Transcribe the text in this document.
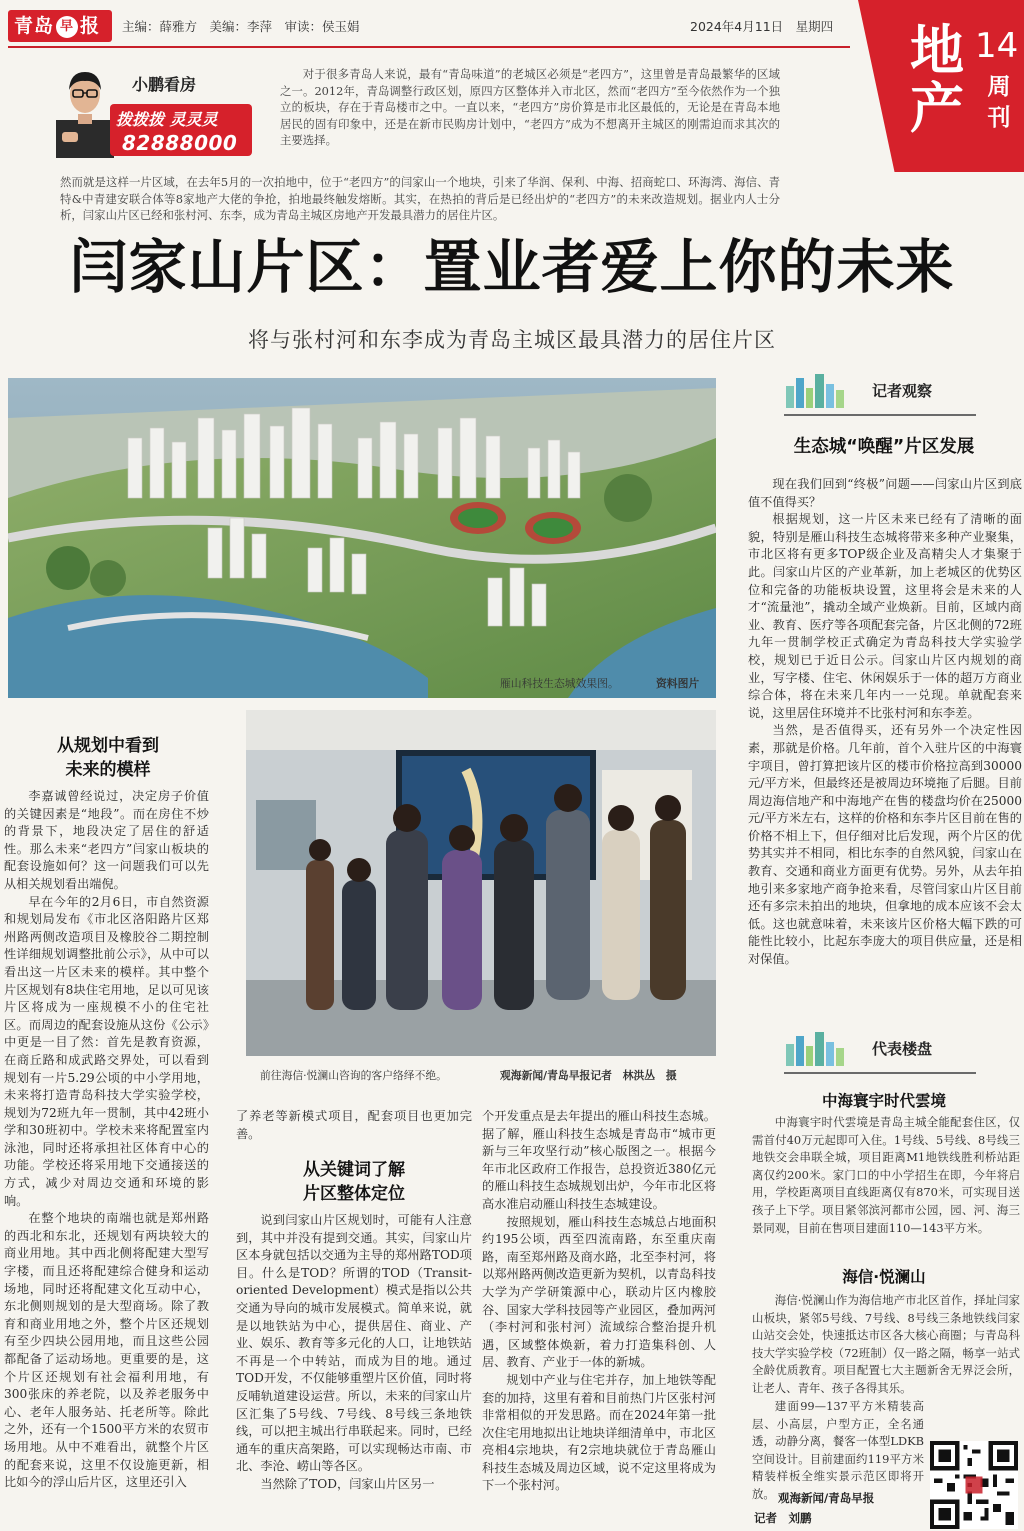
青岛 早 报	主编：薛雅方　美编：李萍　审读：侯玉娟	2024年4月11日　星期四 地产
14
周刊
小鹏看房
拨拨拨 灵灵灵
82888000

对于很多青岛人来说，最有“青岛味道”的老城区必须是“老四方”，这里曾是青岛最繁华的区域之一。2012年，青岛调整行政区划，原四方区整体并入市北区，然而“老四方”至今依然作为一个独立的板块，存在于青岛楼市之中。一直以来，“老四方”房价算是市北区最低的，无论是在青岛本地居民的固有印象中，还是在新市民购房计划中，“老四方”成为不想离开主城区的刚需迫而求其次的主要选择。

然而就是这样一片区域，在去年5月的一次拍地中，位于“老四方”的闫家山一个地块，引来了华润、保利、中海、招商蛇口、环海湾、海信、青特&中青建安联合体等8家地产大佬的争抢，拍地最终触发熔断。其实，在热拍的背后是已经出炉的“老四方”的未来改造规划。据业内人士分析，闫家山片区已经和张村河、东李，成为青岛主城区房地产开发最具潜力的居住片区。

闫家山片区：置业者爱上你的未来
将与张村河和东李成为青岛主城区最具潜力的居住片区
雁山科技生态城效果图。	资料图片
前往海信·悦澜山咨询的客户络绎不绝。	观海新闻/青岛早报记者　林洪丛　摄
从规划中看到
未来的模样

李嘉诚曾经说过，决定房子价值的关键因素是“地段”。而在房住不炒的背景下，地段决定了居住的舒适性。那么未来“老四方”闫家山板块的配套设施如何？这一问题我们可以先从相关规划看出端倪。

早在今年的2月6日，市自然资源和规划局发布《市北区洛阳路片区郑州路两侧改造项目及橡胶谷二期控制性详细规划调整批前公示》，从中可以看出这一片区未来的模样。其中整个片区规划有8块住宅用地，足以可见该片区将成为一座规模不小的住宅社区。而周边的配套设施从这份《公示》中更是一目了然：首先是教育资源，在商丘路和成武路交界处，可以看到规划有一片5.29公顷的中小学用地，未来将打造青岛科技大学实验学校，规划为72班九年一贯制，其中42班小学和30班初中。学校未来将配置室内泳池，同时还将承担社区体育中心的功能。学校还将采用地下交通接送的方式，减少对周边交通和环境的影响。

在整个地块的南端也就是郑州路的西北和东北，还规划有两块较大的商业用地。其中西北侧将配建大型写字楼，而且还将配建综合健身和运动场地，同时还将配建文化互动中心，东北侧则规划的是大型商场。除了教育和商业用地之外，整个片区还规划有至少四块公园用地，而且这些公园都配备了运动场地。更重要的是，这个片区还规划有社会福利用地，有300张床的养老院，以及养老服务中心、老年人服务站、托老所等。除此之外，还有一个1500平方米的农贸市场用地。从中不难看出，就整个片区的配套来说，这里不仅设施更新，相比如今的浮山后片区，这里还引入

了养老等新模式项目，配套项目也更加完善。

从关键词了解
片区整体定位

说到闫家山片区规划时，可能有人注意到，其中并没有提到交通。其实，闫家山片区本身就包括以交通为主导的郑州路TOD项目。什么是TOD？所谓的TOD（Transit-oriented Development）模式是指以公共交通为导向的城市发展模式。简单来说，就是以地铁站为中心，提供居住、商业、产业、娱乐、教育等多元化的人口，让地铁站不再是一个中转站，而成为目的地。通过TOD开发，不仅能够重塑片区价值，同时将反哺轨道建设运营。所以，未来的闫家山片区汇集了5号线、7号线、8号线三条地铁线，可以把主城出行串联起来。同时，已经通车的重庆高架路，可以实现畅达市南、市北、李沧、崂山等各区。

当然除了TOD，闫家山片区另一

个开发重点是去年提出的雁山科技生态城。据了解，雁山科技生态城是青岛市“城市更新与三年攻坚行动”核心版图之一。根据今年市北区政府工作报告，总投资近380亿元的雁山科技生态城规划出炉，今年市北区将高水准启动雁山科技生态城建设。

按照规划，雁山科技生态城总占地面积约195公顷，西至四流南路，东至重庆南路，南至郑州路及商水路，北至李村河，将以郑州路两侧改造更新为契机，以青岛科技大学为产学研策源中心，联动片区内橡胶谷、国家大学科技园等产业园区，叠加两河（李村河和张村河）流域综合整治提升机遇，区域整体焕新，着力打造集科创、人居、教育、产业于一体的新城。

规划中产业与住宅并存，加上地铁等配套的加持，这里有着和目前热门片区张村河非常相似的开发思路。而在2024年第一批次住宅用地拟出让地块详细清单中，市北区亮相4宗地块，有2宗地块就位于青岛雁山科技生态城及周边区域，说不定这里将成为下一个张村河。

记者观察
生态城“唤醒”片区发展

现在我们回到“终极”问题——闫家山片区到底值不值得买？

根据规划，这一片区未来已经有了清晰的面貌，特别是雁山科技生态城将带来多种产业聚集，市北区将有更多TOP级企业及高精尖人才集聚于此。闫家山片区的产业革新，加上老城区的优势区位和完备的功能板块设置，这里将会是未来的人才“流量池”，撬动全域产业焕新。目前，区域内商业、教育、医疗等各项配套完备，片区北侧的72班九年一贯制学校正式确定为青岛科技大学实验学校，规划已于近日公示。闫家山片区内规划的商业，写字楼、住宅、休闲娱乐于一体的超万方商业综合体，将在未来几年内一一兑现。单就配套来说，这里居住环境并不比张村河和东李差。

当然，是否值得买，还有另外一个决定性因素，那就是价格。几年前，首个入驻片区的中海寰宇项目，曾打算把该片区的楼市价格拉高到30000元/平方米，但最终还是被周边环境拖了后腿。目前周边海信地产和中海地产在售的楼盘均价在25000元/平方米左右，这样的价格和东李片区目前在售的价格不相上下，但仔细对比后发现，两个片区的优势其实并不相同，相比东李的自然风貌，闫家山在教育、交通和商业方面更有优势。另外，从去年拍地引来多家地产商争抢来看，尽管闫家山片区目前还有多宗未拍出的地块，但拿地的成本应该不会太低。这也就意味着，未来该片区价格大幅下跌的可能性比较小，比起东李庞大的项目供应量，还是相对保值。

代表楼盘
中海寰宇时代雲境
中海寰宇时代雲境是青岛主城全能配套住区，仅需首付40万元起即可入住。1号线、5号线、8号线三地铁交会串联全城，项目距离M1地铁线胜利桥站距离仅约200米。家门口的中小学招生在即，今年将启用，学校距离项目直线距离仅有870米，可实现目送孩子上下学。项目紧邻滨河都市公园，园、河、海三景同观，目前在售项目建面110—143平方米。
海信·悦澜山
海信·悦澜山作为海信地产市北区首作，择址闫家山板块，紧邻5号线、7号线、8号线三条地铁线闫家山站交会处，快速抵达市区各大核心商圈；与青岛科技大学实验学校（72班制）仅一路之隔，畅享一站式全龄优质教育。项目配置七大主题新舍无界泛会所，让老人、青年、孩子各得其乐。
建面99—137平方米精装高层、小高层，户型方正，全名通透，动静分离，餐客一体型LDKB空间设计。目前建面约119平方米精装样板全维实景示范区即将开放。 观海新闻/青岛早报
记者　刘鹏
